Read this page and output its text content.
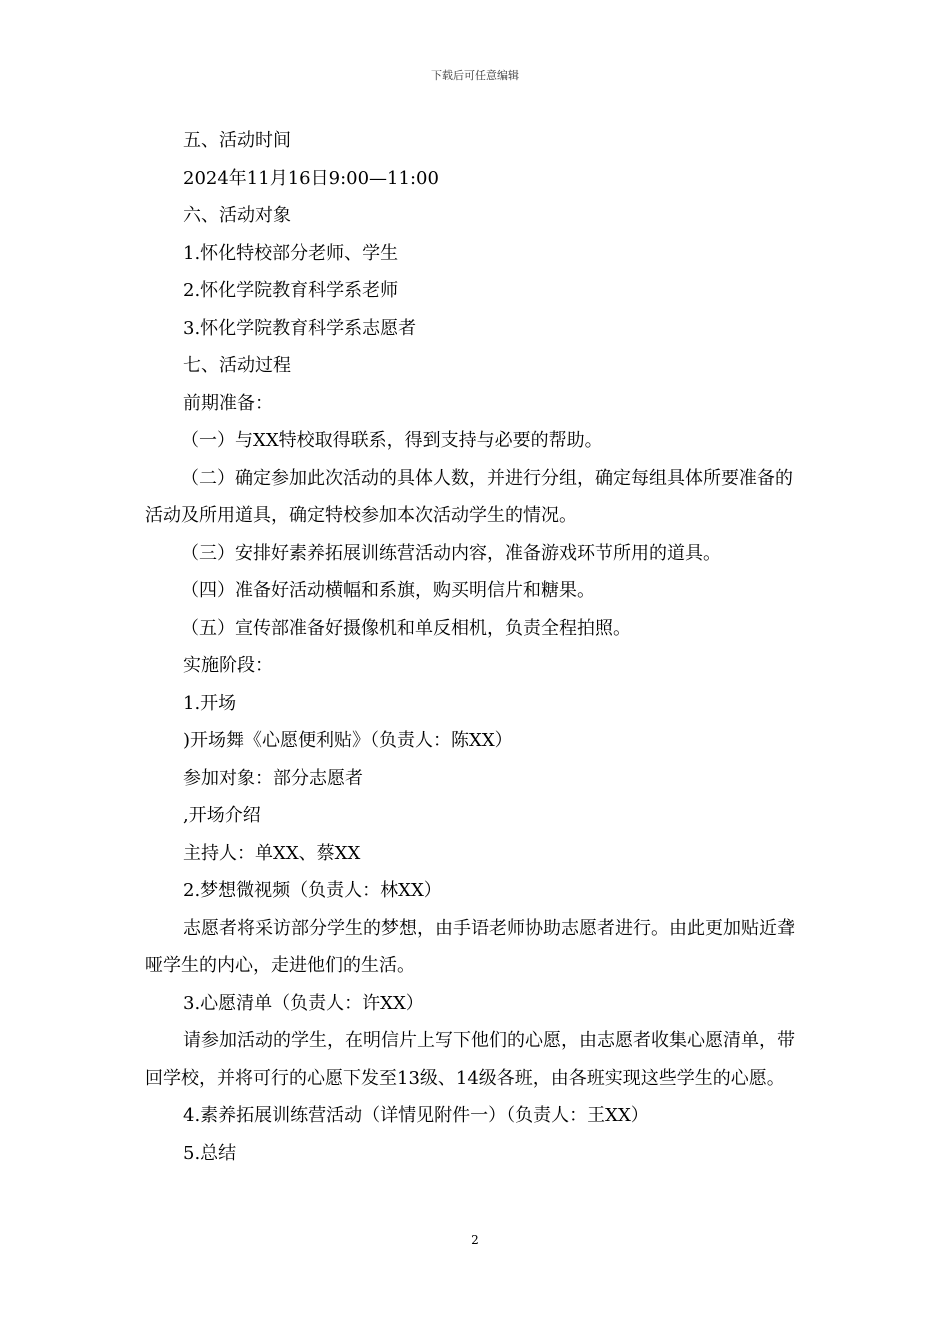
下载后可任意编辑

五、活动时间

2024年11月16日9:00—11:00

六、活动对象

1.怀化特校部分老师、学生

2.怀化学院教育科学系老师

3.怀化学院教育科学系志愿者

七、活动过程

前期准备：

（一）与XX特校取得联系，得到支持与必要的帮助。

（二）确定参加此次活动的具体人数，并进行分组，确定每组具体所要准备的活动及所用道具，确定特校参加本次活动学生的情况。

（三）安排好素养拓展训练营活动内容，准备游戏环节所用的道具。

（四）准备好活动横幅和系旗，购买明信片和糖果。

（五）宣传部准备好摄像机和单反相机，负责全程拍照。

实施阶段：

1.开场

)开场舞《心愿便利贴》（负责人：陈XX）

参加对象：部分志愿者

,开场介绍

主持人：单XX、蔡XX

2.梦想微视频（负责人：林XX）

志愿者将采访部分学生的梦想，由手语老师协助志愿者进行。由此更加贴近聋哑学生的内心，走进他们的生活。

3.心愿清单（负责人：许XX）

请参加活动的学生，在明信片上写下他们的心愿，由志愿者收集心愿清单，带回学校，并将可行的心愿下发至13级、14级各班，由各班实现这些学生的心愿。

4.素养拓展训练营活动（详情见附件一）（负责人：王XX）

5.总结

2
